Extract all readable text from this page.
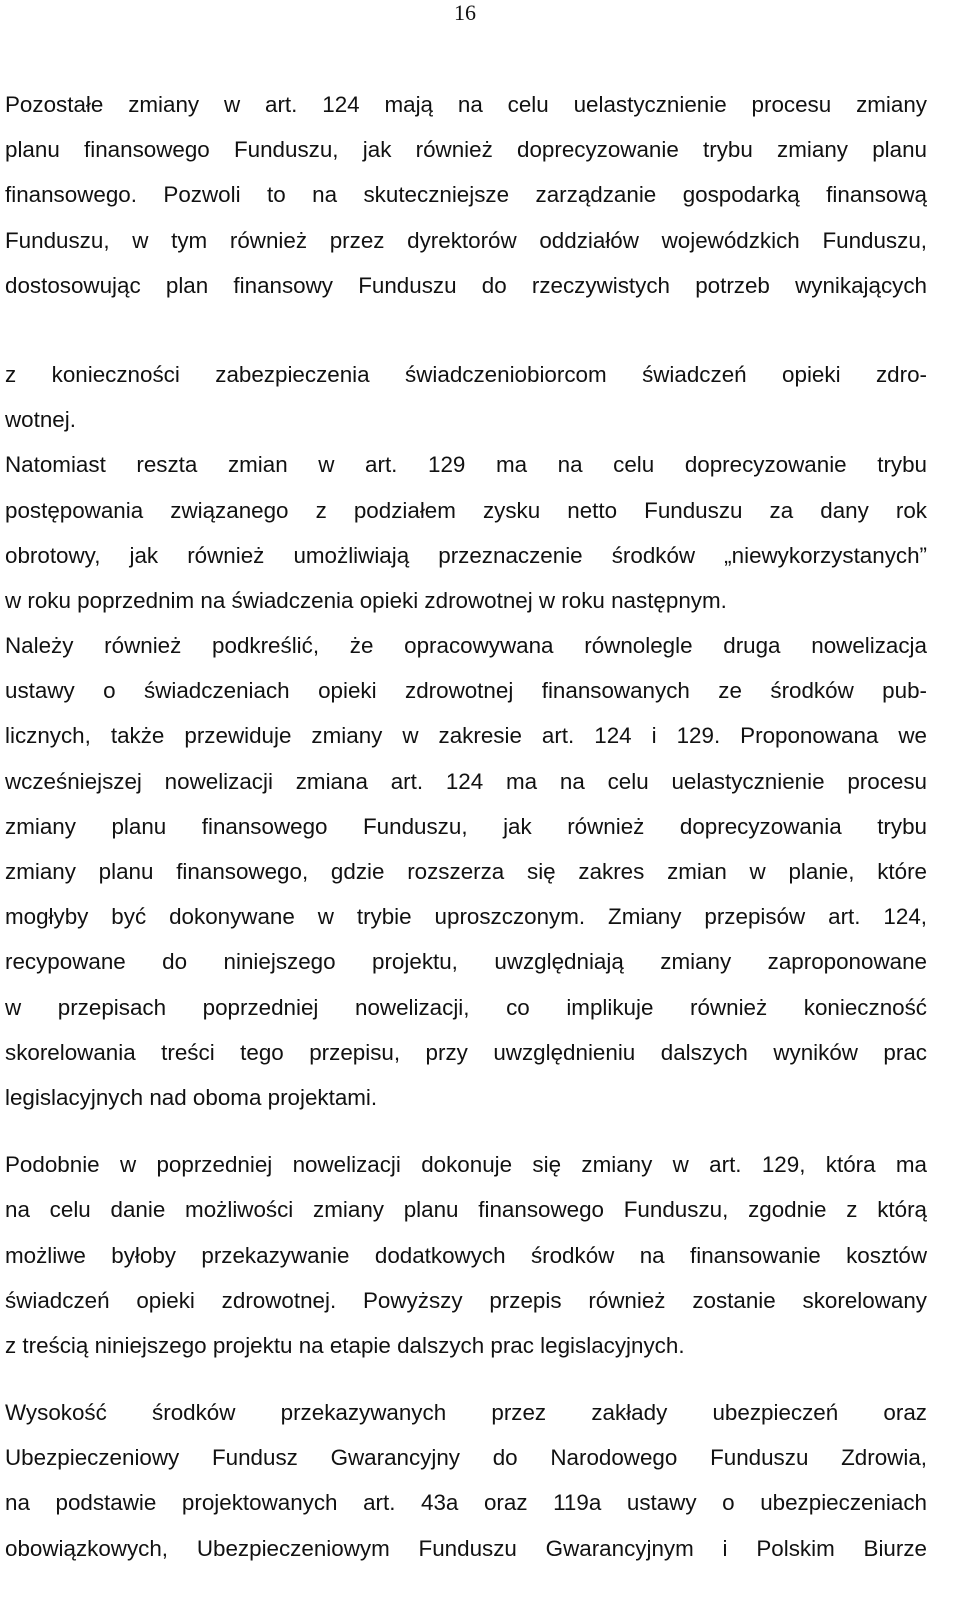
16
Pozostałe zmiany w art. 124 mają na celu uelastycznienie procesu zmiany
planu finansowego Funduszu, jak również doprecyzowanie trybu zmiany planu
finansowego. Pozwoli to na skuteczniejsze zarządzanie gospodarką finansową
Funduszu, w tym również przez dyrektorów oddziałów wojewódzkich Funduszu,
dostosowując plan finansowy Funduszu do rzeczywistych potrzeb wynikających
z konieczności zabezpieczenia świadczeniobiorcom świadczeń opieki zdro-
wotnej.
Natomiast reszta zmian w art. 129 ma na celu doprecyzowanie trybu
postępowania związanego z podziałem zysku netto Funduszu za dany rok
obrotowy, jak również umożliwiają przeznaczenie środków „niewykorzystanych”
w roku poprzednim na świadczenia opieki zdrowotnej w roku następnym.
Należy również podkreślić, że opracowywana równolegle druga nowelizacja
ustawy o świadczeniach opieki zdrowotnej finansowanych ze środków pub-
licznych, także przewiduje zmiany w zakresie art. 124 i 129. Proponowana we
wcześniejszej nowelizacji zmiana art. 124 ma na celu uelastycznienie procesu
zmiany planu finansowego Funduszu, jak również doprecyzowania trybu
zmiany planu finansowego, gdzie rozszerza się zakres zmian w planie, które
mogłyby być dokonywane w trybie uproszczonym. Zmiany przepisów art. 124,
recypowane do niniejszego projektu, uwzględniają zmiany zaproponowane
w przepisach poprzedniej nowelizacji, co implikuje również konieczność
skorelowania treści tego przepisu, przy uwzględnieniu dalszych wyników prac
legislacyjnych nad oboma projektami.
Podobnie w poprzedniej nowelizacji dokonuje się zmiany w art. 129, która ma
na celu danie możliwości zmiany planu finansowego Funduszu, zgodnie z którą
możliwe byłoby przekazywanie dodatkowych środków na finansowanie kosztów
świadczeń opieki zdrowotnej. Powyższy przepis również zostanie skorelowany
z treścią niniejszego projektu na etapie dalszych prac legislacyjnych.
Wysokość środków przekazywanych przez zakłady ubezpieczeń oraz
Ubezpieczeniowy Fundusz Gwarancyjny do Narodowego Funduszu Zdrowia,
na podstawie projektowanych art. 43a oraz 119a ustawy o ubezpieczeniach
obowiązkowych, Ubezpieczeniowym Funduszu Gwarancyjnym i Polskim Biurze
